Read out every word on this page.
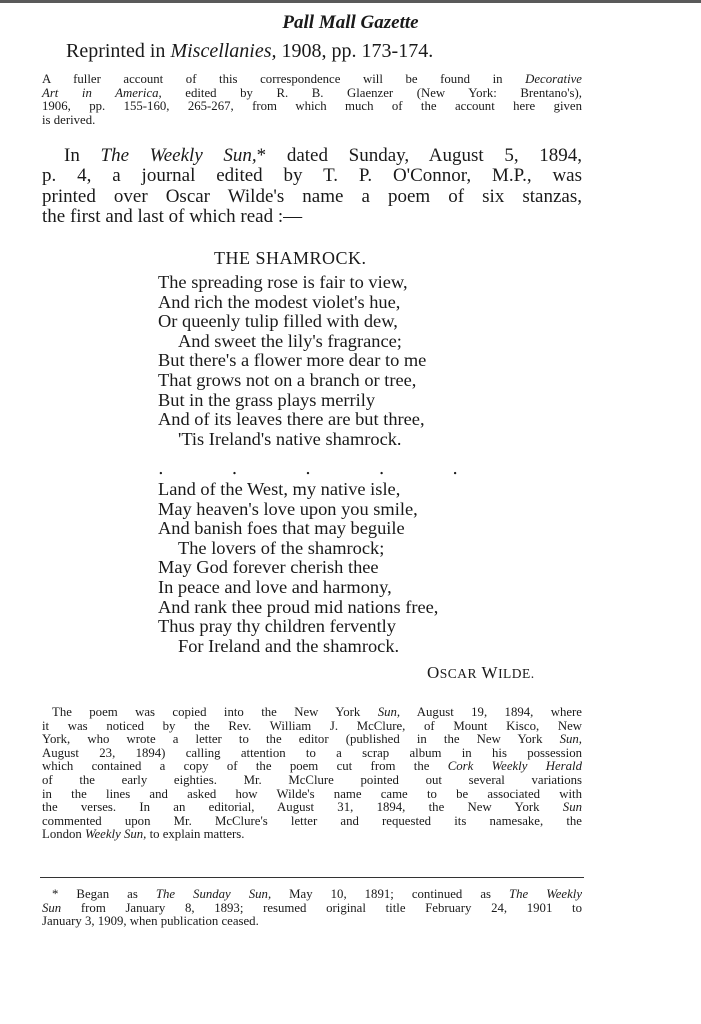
Pall Mall Gazette
Reprinted in Miscellanies, 1908, pp. 173-174.
A fuller account of this correspondence will be found in Decorative
Art in America, edited by R. B. Glaenzer (New York: Brentano's),
1906, pp. 155-160, 265-267, from which much of the account here given
is derived.
In The Weekly Sun,* dated Sunday, August 5, 1894,
p. 4, a journal edited by T. P. O'Connor, M.P., was
printed over Oscar Wilde's name a poem of six stanzas,
the first and last of which read :—
THE SHAMROCK.
The spreading rose is fair to view,
And rich the modest violet's hue,
Or queenly tulip filled with dew,
And sweet the lily's fragrance;
But there's a flower more dear to me
That grows not on a branch or tree,
But in the grass plays merrily
And of its leaves there are but three,
'Tis Ireland's native shamrock.
.	.	.	.	.
Land of the West, my native isle,
May heaven's love upon you smile,
And banish foes that may beguile
The lovers of the shamrock;
May God forever cherish thee
In peace and love and harmony,
And rank thee proud mid nations free,
Thus pray thy children fervently
For Ireland and the shamrock.
OSCAR WILDE.
The poem was copied into the New York Sun, August 19, 1894, where
it was noticed by the Rev. William J. McClure, of Mount Kisco, New
York, who wrote a letter to the editor (published in the New York Sun,
August 23, 1894) calling attention to a scrap album in his possession
which contained a copy of the poem cut from the Cork Weekly Herald
of the early eighties. Mr. McClure pointed out several variations
in the lines and asked how Wilde's name came to be associated with
the verses. In an editorial, August 31, 1894, the New York Sun
commented upon Mr. McClure's letter and requested its namesake, the
London Weekly Sun, to explain matters.
* Began as The Sunday Sun, May 10, 1891; continued as The Weekly
Sun from January 8, 1893; resumed original title February 24, 1901 to
January 3, 1909, when publication ceased.
